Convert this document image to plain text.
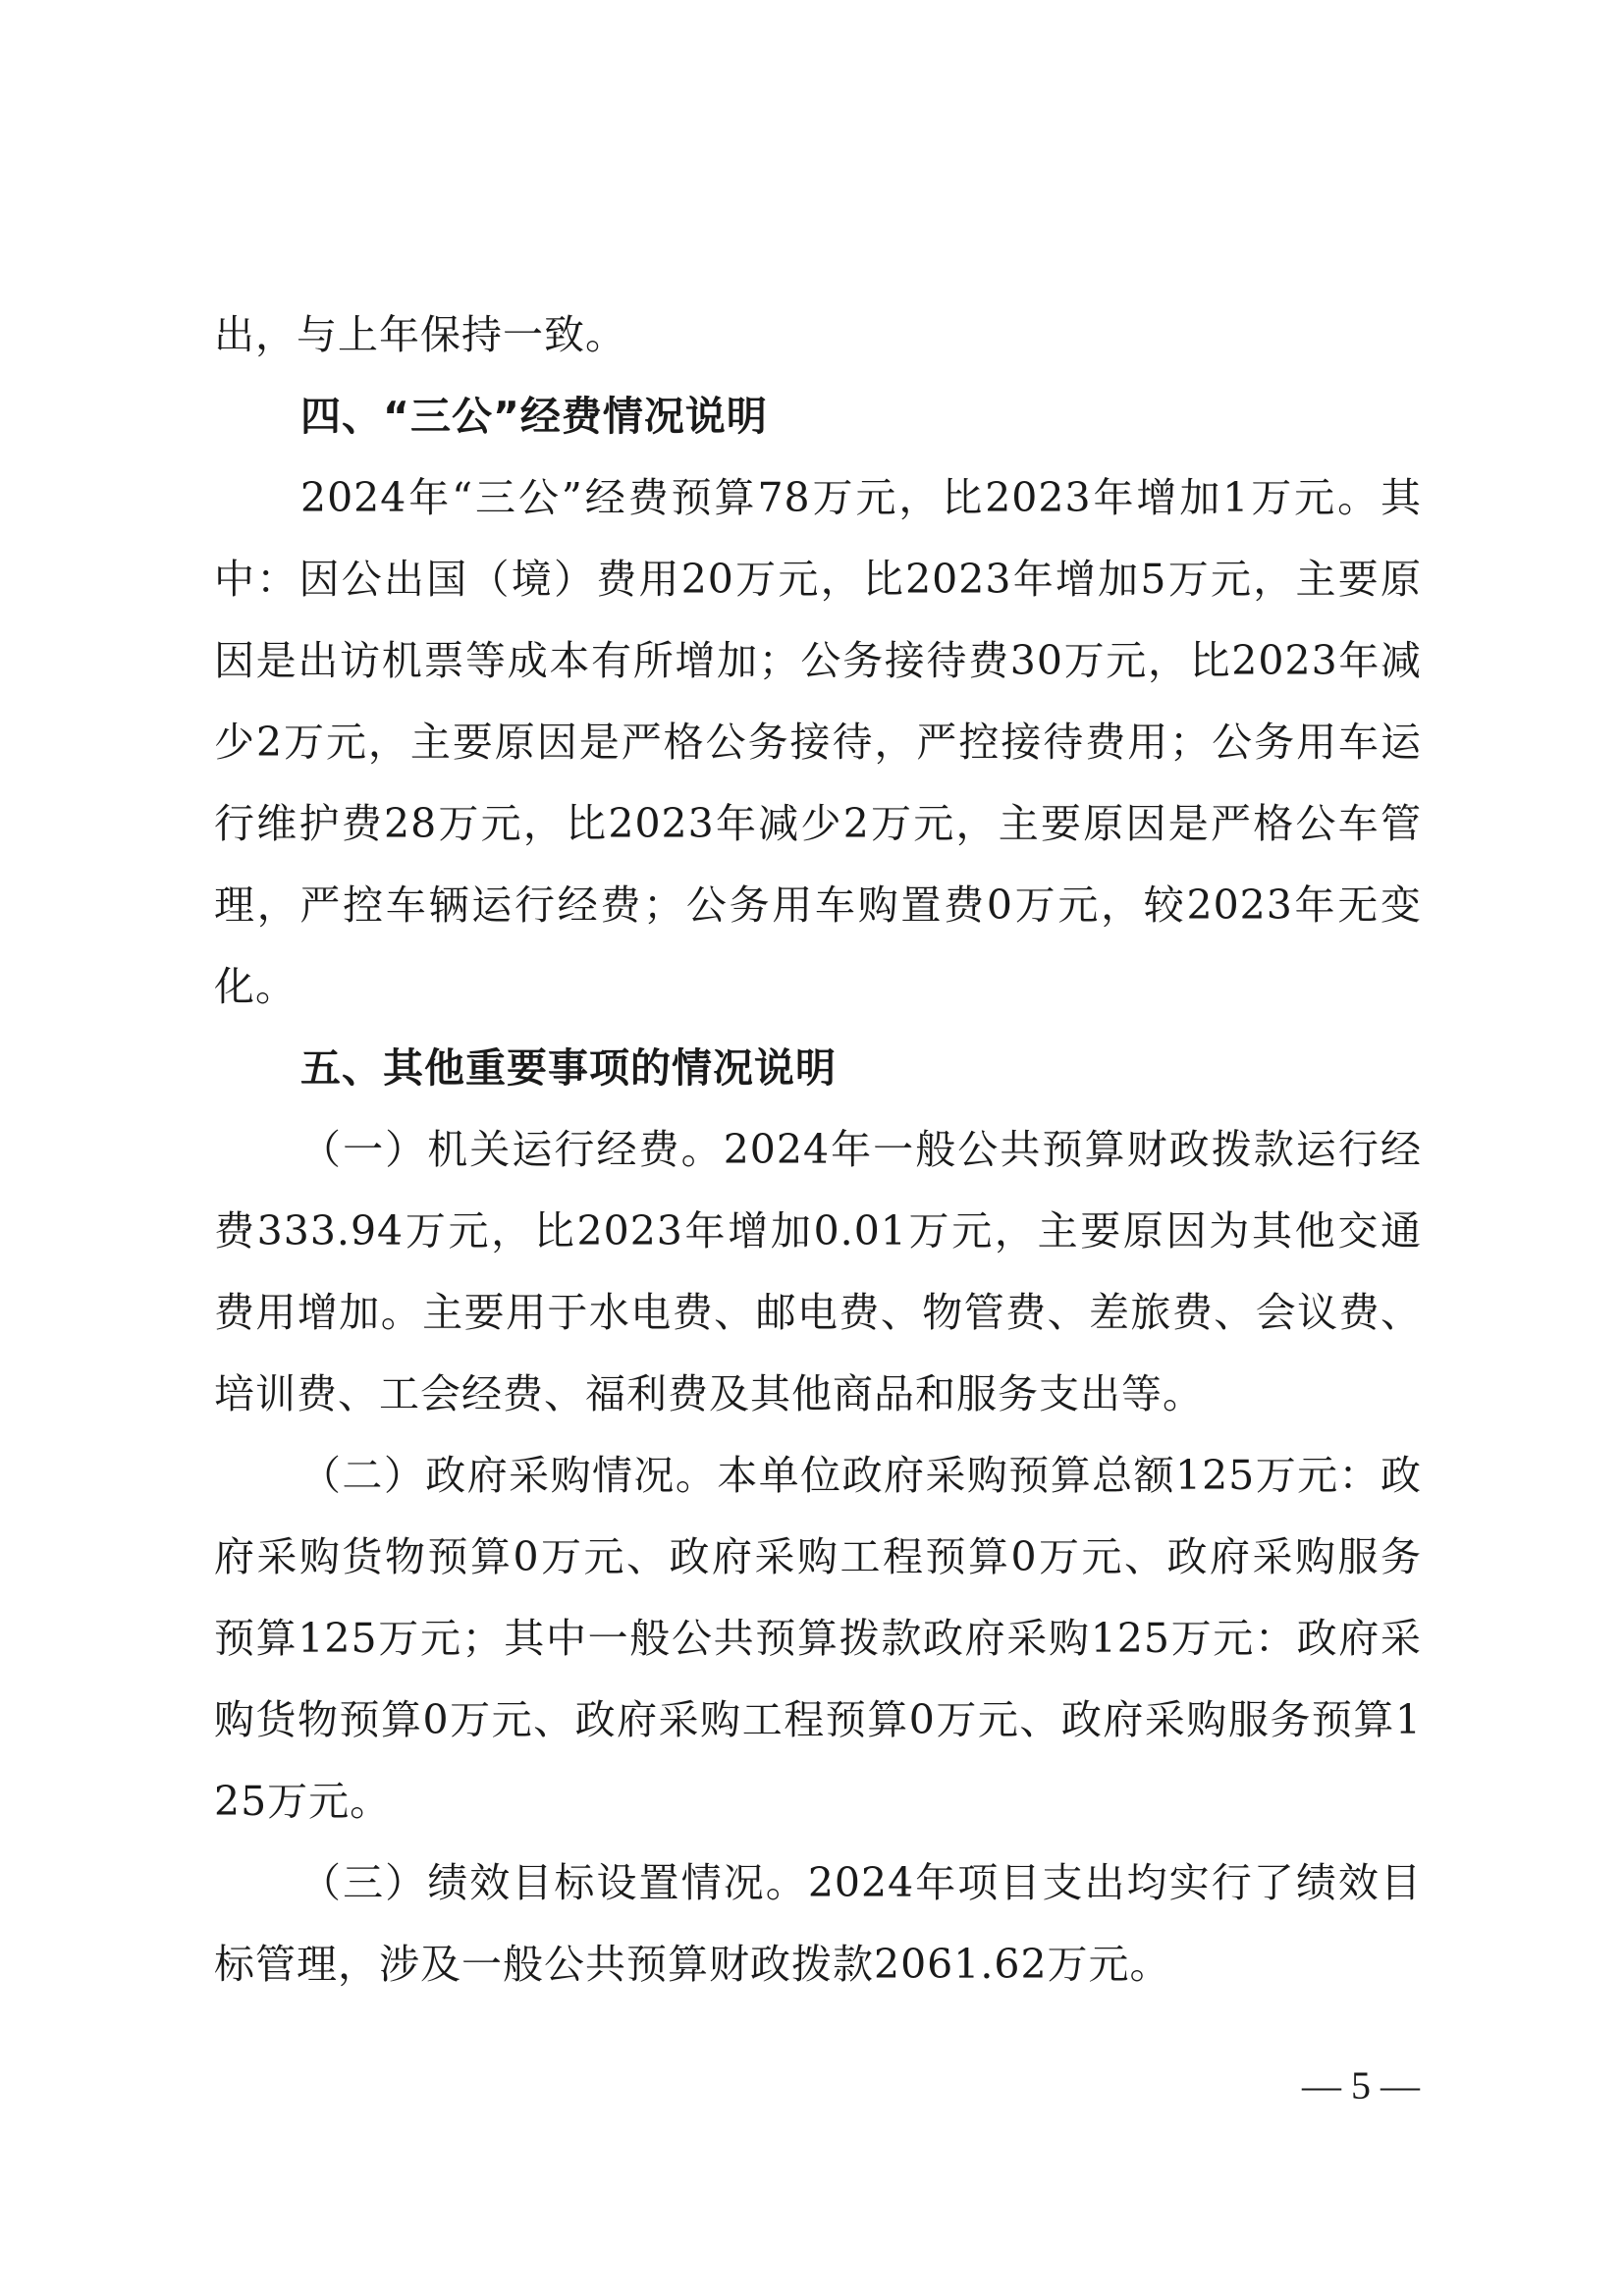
出，与上年保持一致。

四、“三公”经费情况说明

2024年“三公”经费预算78万元，比2023年增加1万元。其中：因公出国（境）费用20万元，比2023年增加5万元，主要原因是出访机票等成本有所增加；公务接待费30万元，比2023年减少2万元，主要原因是严格公务接待，严控接待费用；公务用车运行维护费28万元，比2023年减少2万元，主要原因是严格公车管理，严控车辆运行经费；公务用车购置费0万元，较2023年无变化。

五、其他重要事项的情况说明

（一）机关运行经费。2024年一般公共预算财政拨款运行经费333.94万元，比2023年增加0.01万元，主要原因为其他交通费用增加。主要用于水电费、邮电费、物管费、差旅费、会议费、培训费、工会经费、福利费及其他商品和服务支出等。

（二）政府采购情况。本单位政府采购预算总额125万元：政府采购货物预算0万元、政府采购工程预算0万元、政府采购服务预算125万元；其中一般公共预算拨款政府采购125万元：政府采购货物预算0万元、政府采购工程预算0万元、政府采购服务预算125万元。

（三）绩效目标设置情况。2024年项目支出均实行了绩效目标管理，涉及一般公共预算财政拨款2061.62万元。

— 5 —
